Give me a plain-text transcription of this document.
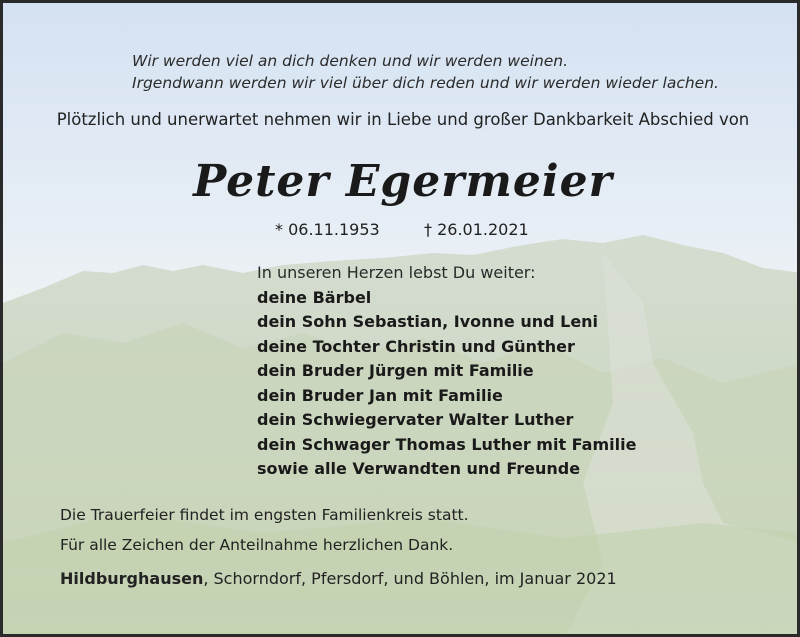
Wir werden viel an dich denken und wir werden weinen.
Irgendwann werden wir viel über dich reden und wir werden wieder lachen.
Plötzlich und unerwartet nehmen wir in Liebe und großer Dankbarkeit Abschied von
Peter Egermeier
* 06.11.1953	† 26.01.2021
In unseren Herzen lebst Du weiter:
deine Bärbel
dein Sohn Sebastian, Ivonne und Leni
deine Tochter Christin und Günther
dein Bruder Jürgen mit Familie
dein Bruder Jan mit Familie
dein Schwiegervater Walter Luther
dein Schwager Thomas Luther mit Familie
sowie alle Verwandten und Freunde
Die Trauerfeier findet im engsten Familienkreis statt.
Für alle Zeichen der Anteilnahme herzlichen Dank.
Hildburghausen, Schorndorf, Pfersdorf, und Böhlen, im Januar 2021
